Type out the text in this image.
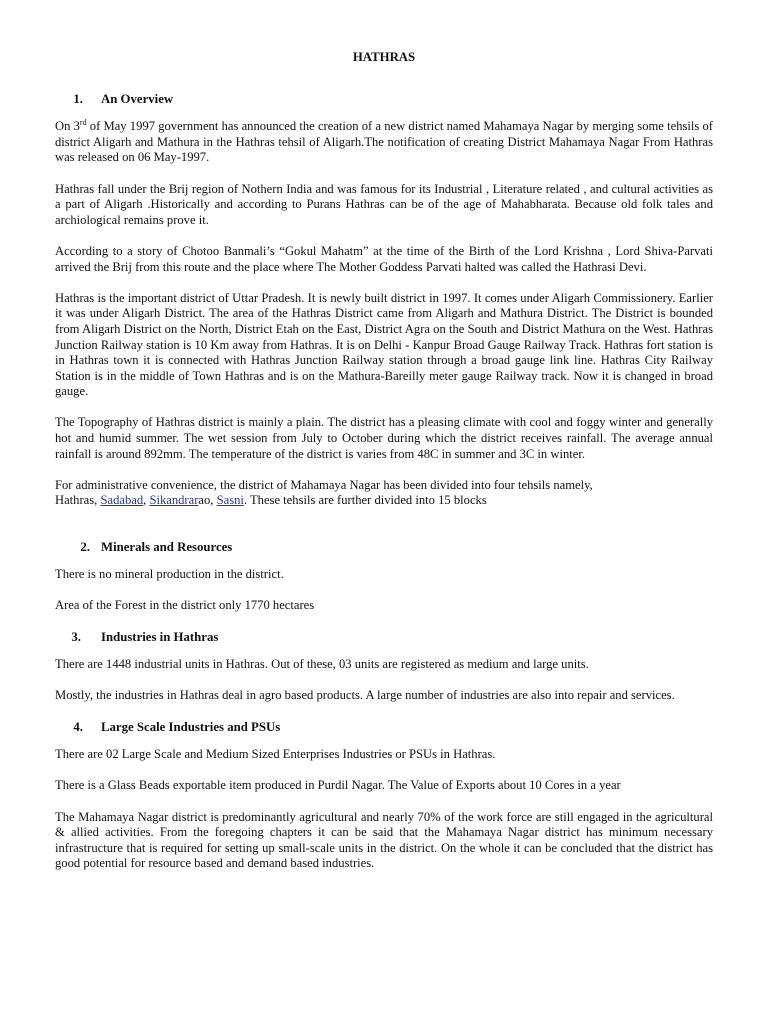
HATHRAS
1. An Overview

On 3rd of May 1997 government has announced the creation of a new district named Mahamaya Nagar by merging some tehsils of district Aligarh and Mathura in the Hathras tehsil of Aligarh.The notification of creating District Mahamaya Nagar From Hathras was released on 06 May-1997.

Hathras fall under the Brij region of Nothern India and was famous for its Industrial , Literature related , and cultural activities as a part of Aligarh .Historically and according to Purans Hathras can be of the age of Mahabharata. Because old folk tales and archiological remains prove it.

According to a story of Chotoo Banmali’s “Gokul Mahatm” at the time of the Birth of the Lord Krishna , Lord Shiva-Parvati arrived the Brij from this route and the place where The Mother Goddess Parvati halted was called the Hathrasi Devi.

Hathras is the important district of Uttar Pradesh. It is newly built district in 1997. It comes under Aligarh Commissionery. Earlier it was under Aligarh District. The area of the Hathras District came from Aligarh and Mathura District. The District is bounded from Aligarh District on the North, District Etah on the East, District Agra on the South and District Mathura on the West. Hathras Junction Railway station is 10 Km away from Hathras. It is on Delhi - Kanpur Broad Gauge Railway Track. Hathras fort station is in Hathras town it is connected with Hathras Junction Railway station through a broad gauge link line. Hathras City Railway Station is in the middle of Town Hathras and is on the Mathura-Bareilly meter gauge Railway track. Now it is changed in broad gauge.

The Topography of Hathras district is mainly a plain. The district has a pleasing climate with cool and foggy winter and generally hot and humid summer. The wet session from July to October during which the district receives rainfall. The average annual rainfall is around 892mm. The temperature of the district is varies from 48C in summer and 3C in winter.

For administrative convenience, the district of Mahamaya Nagar has been divided into four tehsils namely,
Hathras, Sadabad, Sikandrarao, Sasni. These tehsils are further divided into 15 blocks

2. Minerals and Resources

There is no mineral production in the district.

Area of the Forest in the district only 1770 hectares

3. Industries in Hathras

There are 1448 industrial units in Hathras. Out of these, 03 units are registered as medium and large units.

Mostly, the industries in Hathras deal in agro based products. A large number of industries are also into repair and services.

4. Large Scale Industries and PSUs

There are 02 Large Scale and Medium Sized Enterprises Industries or PSUs in Hathras.

There is a Glass Beads exportable item produced in Purdil Nagar. The Value of Exports about 10 Cores in a year

The Mahamaya Nagar district is predominantly agricultural and nearly 70% of the work force are still engaged in the agricultural & allied activities. From the foregoing chapters it can be said that the Mahamaya Nagar district has minimum necessary infrastructure that is required for setting up small-scale units in the district. On the whole it can be concluded that the district has good potential for resource based and demand based industries.
